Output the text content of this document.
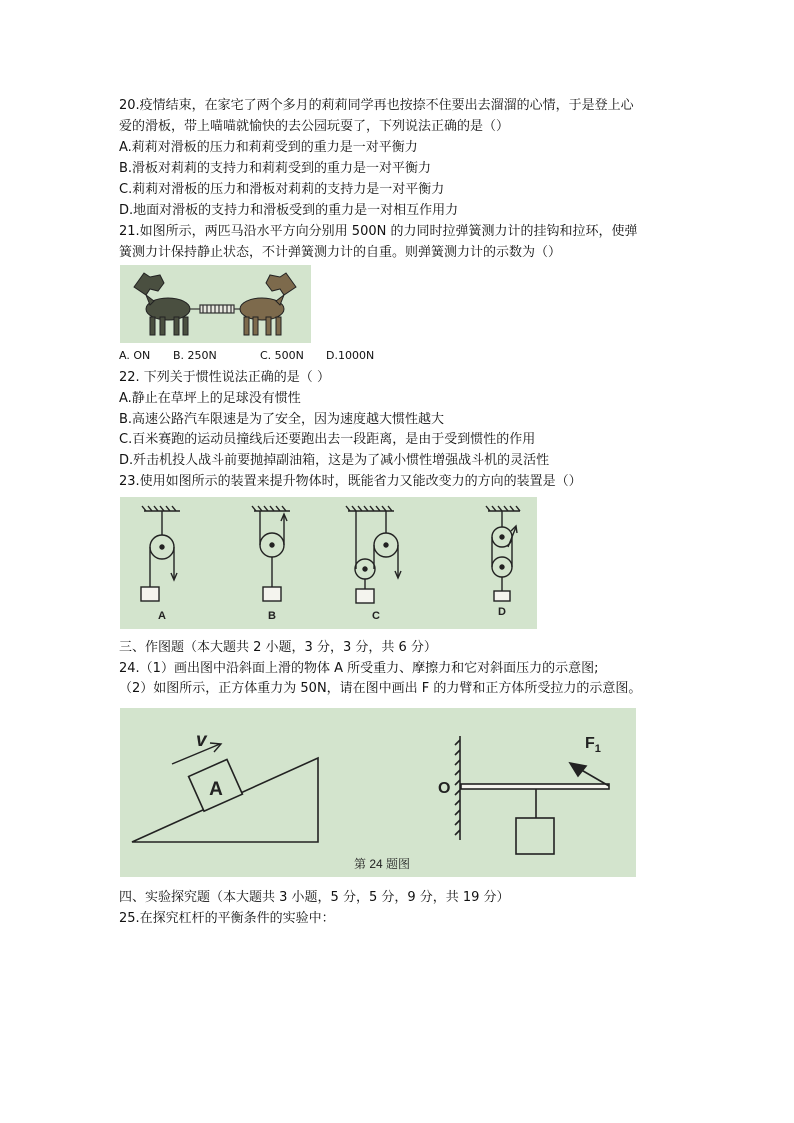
20.疫情结束，在家宅了两个多月的莉莉同学再也按捺不住要出去溜溜的心情，于是登上心
爱的滑板，带上喵喵就愉快的去公园玩耍了，下列说法正确的是（）
A.莉莉对滑板的压力和莉莉受到的重力是一对平衡力
B.滑板对莉莉的支持力和莉莉受到的重力是一对平衡力
C.莉莉对滑板的压力和滑板对莉莉的支持力是一对平衡力
D.地面对滑板的支持力和滑板受到的重力是一对相互作用力
21.如图所示，两匹马沿水平方向分别用 500N 的力同时拉弹簧测力计的挂钩和拉环，使弹
簧测力计保持静止状态，不计弹簧测力计的自重。则弹簧测力计的示数为（）
A. ON B. 250N	C. 500N D.1000N
22. 下列关于惯性说法正确的是（ ）
A.静止在草坪上的足球没有惯性
B.高速公路汽车限速是为了安全，因为速度越大惯性越大
C.百米赛跑的运动员撞线后还要跑出去一段距离，是由于受到惯性的作用
D.歼击机投人战斗前要抛掉副油箱，这是为了减小惯性增强战斗机的灵活性
23.使用如图所示的装置来提升物体时，既能省力又能改变力的方向的装置是（）
A	B	C	D
三、作图题（本大题共 2 小题，3 分，3 分，共 6 分）
24.（1）画出图中沿斜面上滑的物体 A 所受重力、摩擦力和它对斜面压力的示意图;
（2）如图所示，正方体重力为 50N，请在图中画出 F 的力臂和正方体所受拉力的示意图。
v
A	O
$F_1$
第 24 题图
四、实验探究题（本大题共 3 小题，5 分，5 分，9 分，共 19 分）
25.在探究杠杆的平衡条件的实验中：
